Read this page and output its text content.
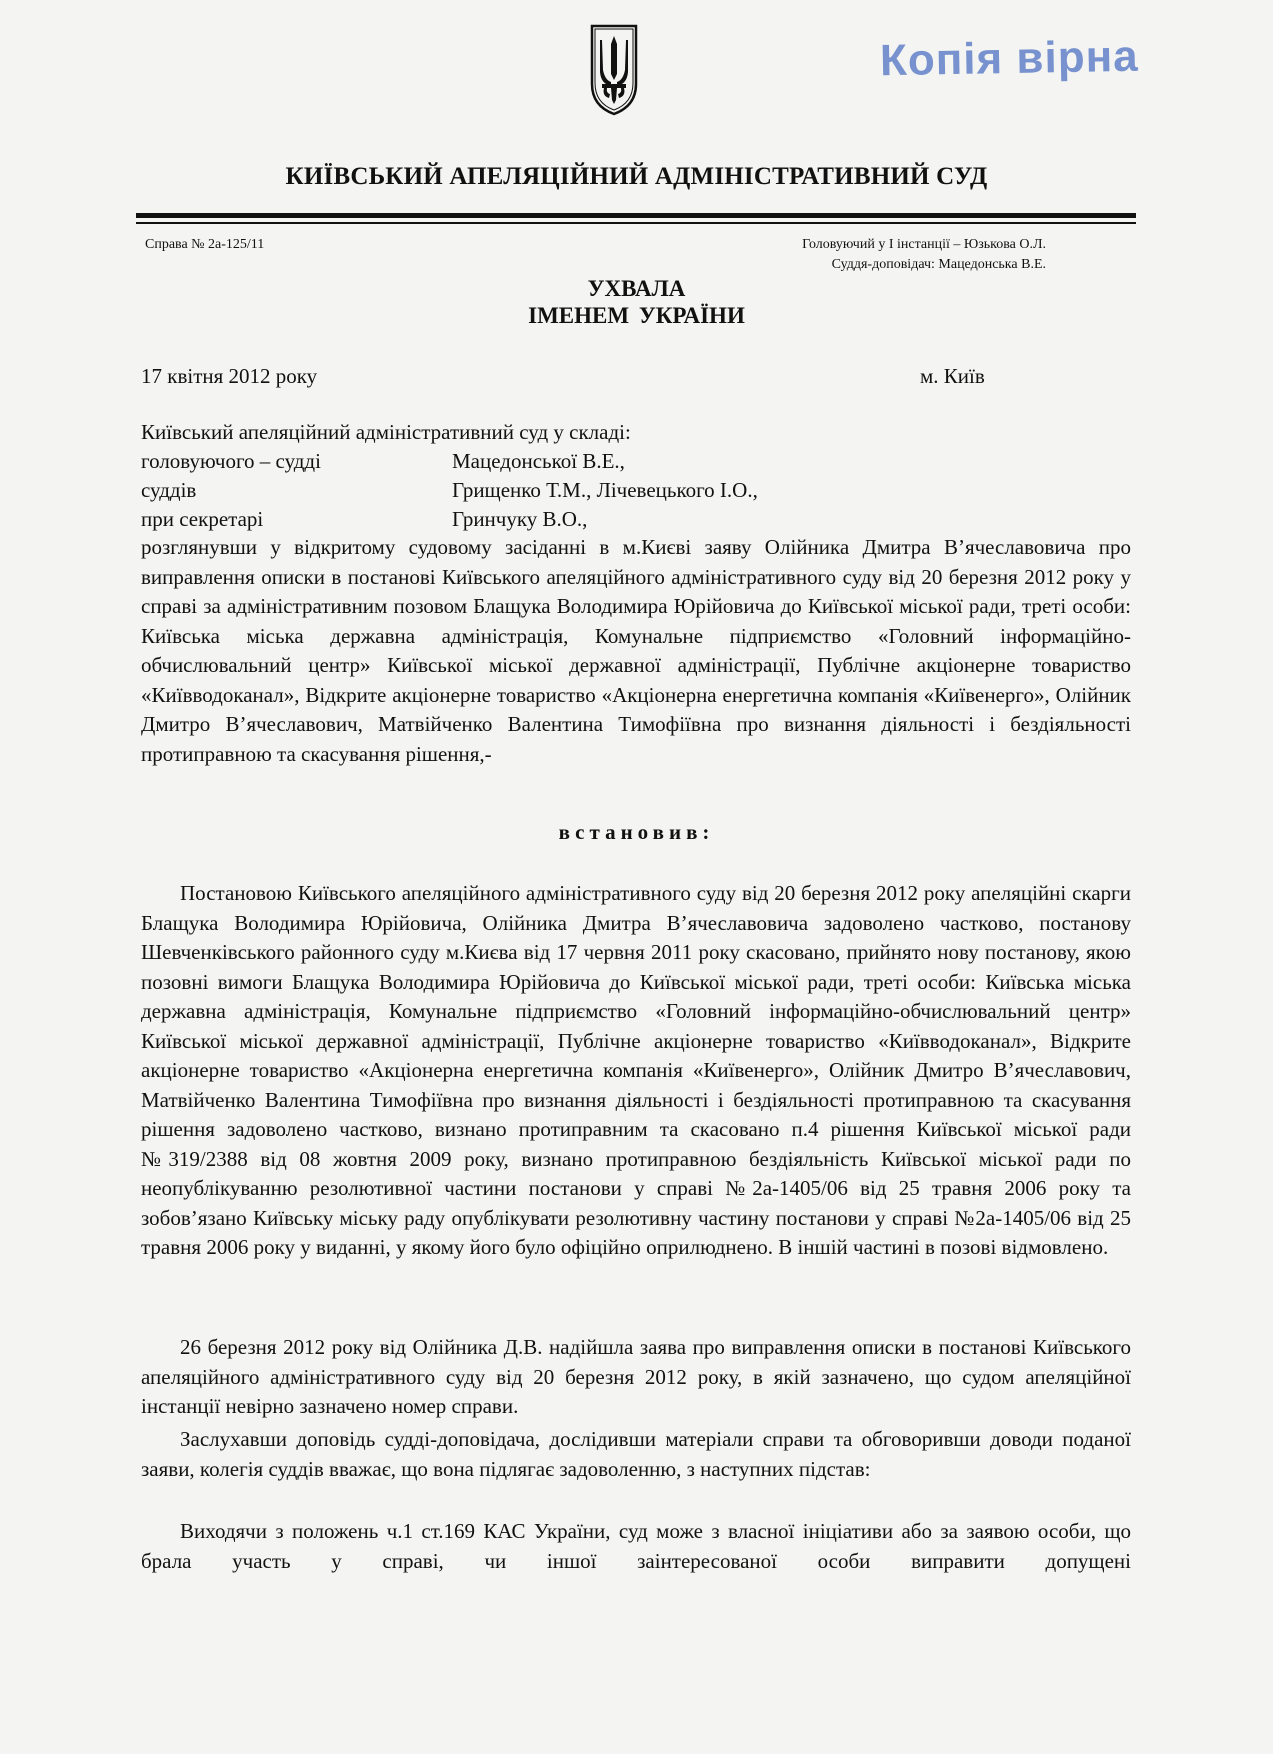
Копія вірна
КИЇВСЬКИЙ АПЕЛЯЦІЙНИЙ АДМІНІСТРАТИВНИЙ СУД
Справа № 2а-125/11	Головуючий у І інстанції – Юзькова О.Л.
Суддя-доповідач: Мацедонська В.Е.
УХВАЛА
ІМЕНЕМ УКРАЇНИ
17 квітня 2012 року	м. Київ
Київський апеляційний адміністративний суд у складі:
головуючого – судді	Мацедонської В.Е.,
суддів	Грищенко Т.М., Лічевецького І.О.,
при секретарі	Гринчуку В.О.,
розглянувши у відкритому судовому засіданні в м.Києві заяву Олійника Дмитра В’ячеславовича про виправлення описки в постанові Київського апеляційного адміністративного суду від 20 березня 2012 року у справі за адміністративним позовом Блащука Володимира Юрійовича до Київської міської ради, треті особи: Київська міська державна адміністрація, Комунальне підприємство «Головний інформаційно-обчислювальний центр» Київської міської державної адміністрації, Публічне акціонерне товариство «Київводоканал», Відкрите акціонерне товариство «Акціонерна енергетична компанія «Київенерго», Олійник Дмитро В’ячеславович, Матвійченко Валентина Тимофіївна про визнання діяльності і бездіяльності протиправною та скасування рішення,-
встановив:
Постановою Київського апеляційного адміністративного суду від 20 березня 2012 року апеляційні скарги Блащука Володимира Юрійовича, Олійника Дмитра В’ячеславовича задоволено частково, постанову Шевченківського районного суду м.Києва від 17 червня 2011 року скасовано, прийнято нову постанову, якою позовні вимоги Блащука Володимира Юрійовича до Київської міської ради, треті особи: Київська міська державна адміністрація, Комунальне підприємство «Головний інформаційно-обчислювальний центр» Київської міської державної адміністрації, Публічне акціонерне товариство «Київводоканал», Відкрите акціонерне товариство «Акціонерна енергетична компанія «Київенерго», Олійник Дмитро В’ячеславович, Матвійченко Валентина Тимофіївна про визнання діяльності і бездіяльності протиправною та скасування рішення задоволено частково, визнано протиправним та скасовано п.4 рішення Київської міської ради №319/2388 від 08 жовтня 2009 року, визнано протиправною бездіяльність Київської міської ради по неопублікуванню резолютивної частини постанови у справі №2а-1405/06 від 25 травня 2006 року та зобов’язано Київську міську раду опублікувати резолютивну частину постанови у справі №2а-1405/06 від 25 травня 2006 року у виданні, у якому його було офіційно оприлюднено. В іншій частині в позові відмовлено.
26 березня 2012 року від Олійника Д.В. надійшла заява про виправлення описки в постанові Київського апеляційного адміністративного суду від 20 березня 2012 року, в якій зазначено, що судом апеляційної інстанції невірно зазначено номер справи.
Заслухавши доповідь судді-доповідача, дослідивши матеріали справи та обговоривши доводи поданої заяви, колегія суддів вважає, що вона підлягає задоволенню, з наступних підстав:
Виходячи з положень ч.1 ст.169 КАС України, суд може з власної ініціативи або за заявою особи, що брала участь у справі, чи іншої заінтересованої особи виправити допущені
